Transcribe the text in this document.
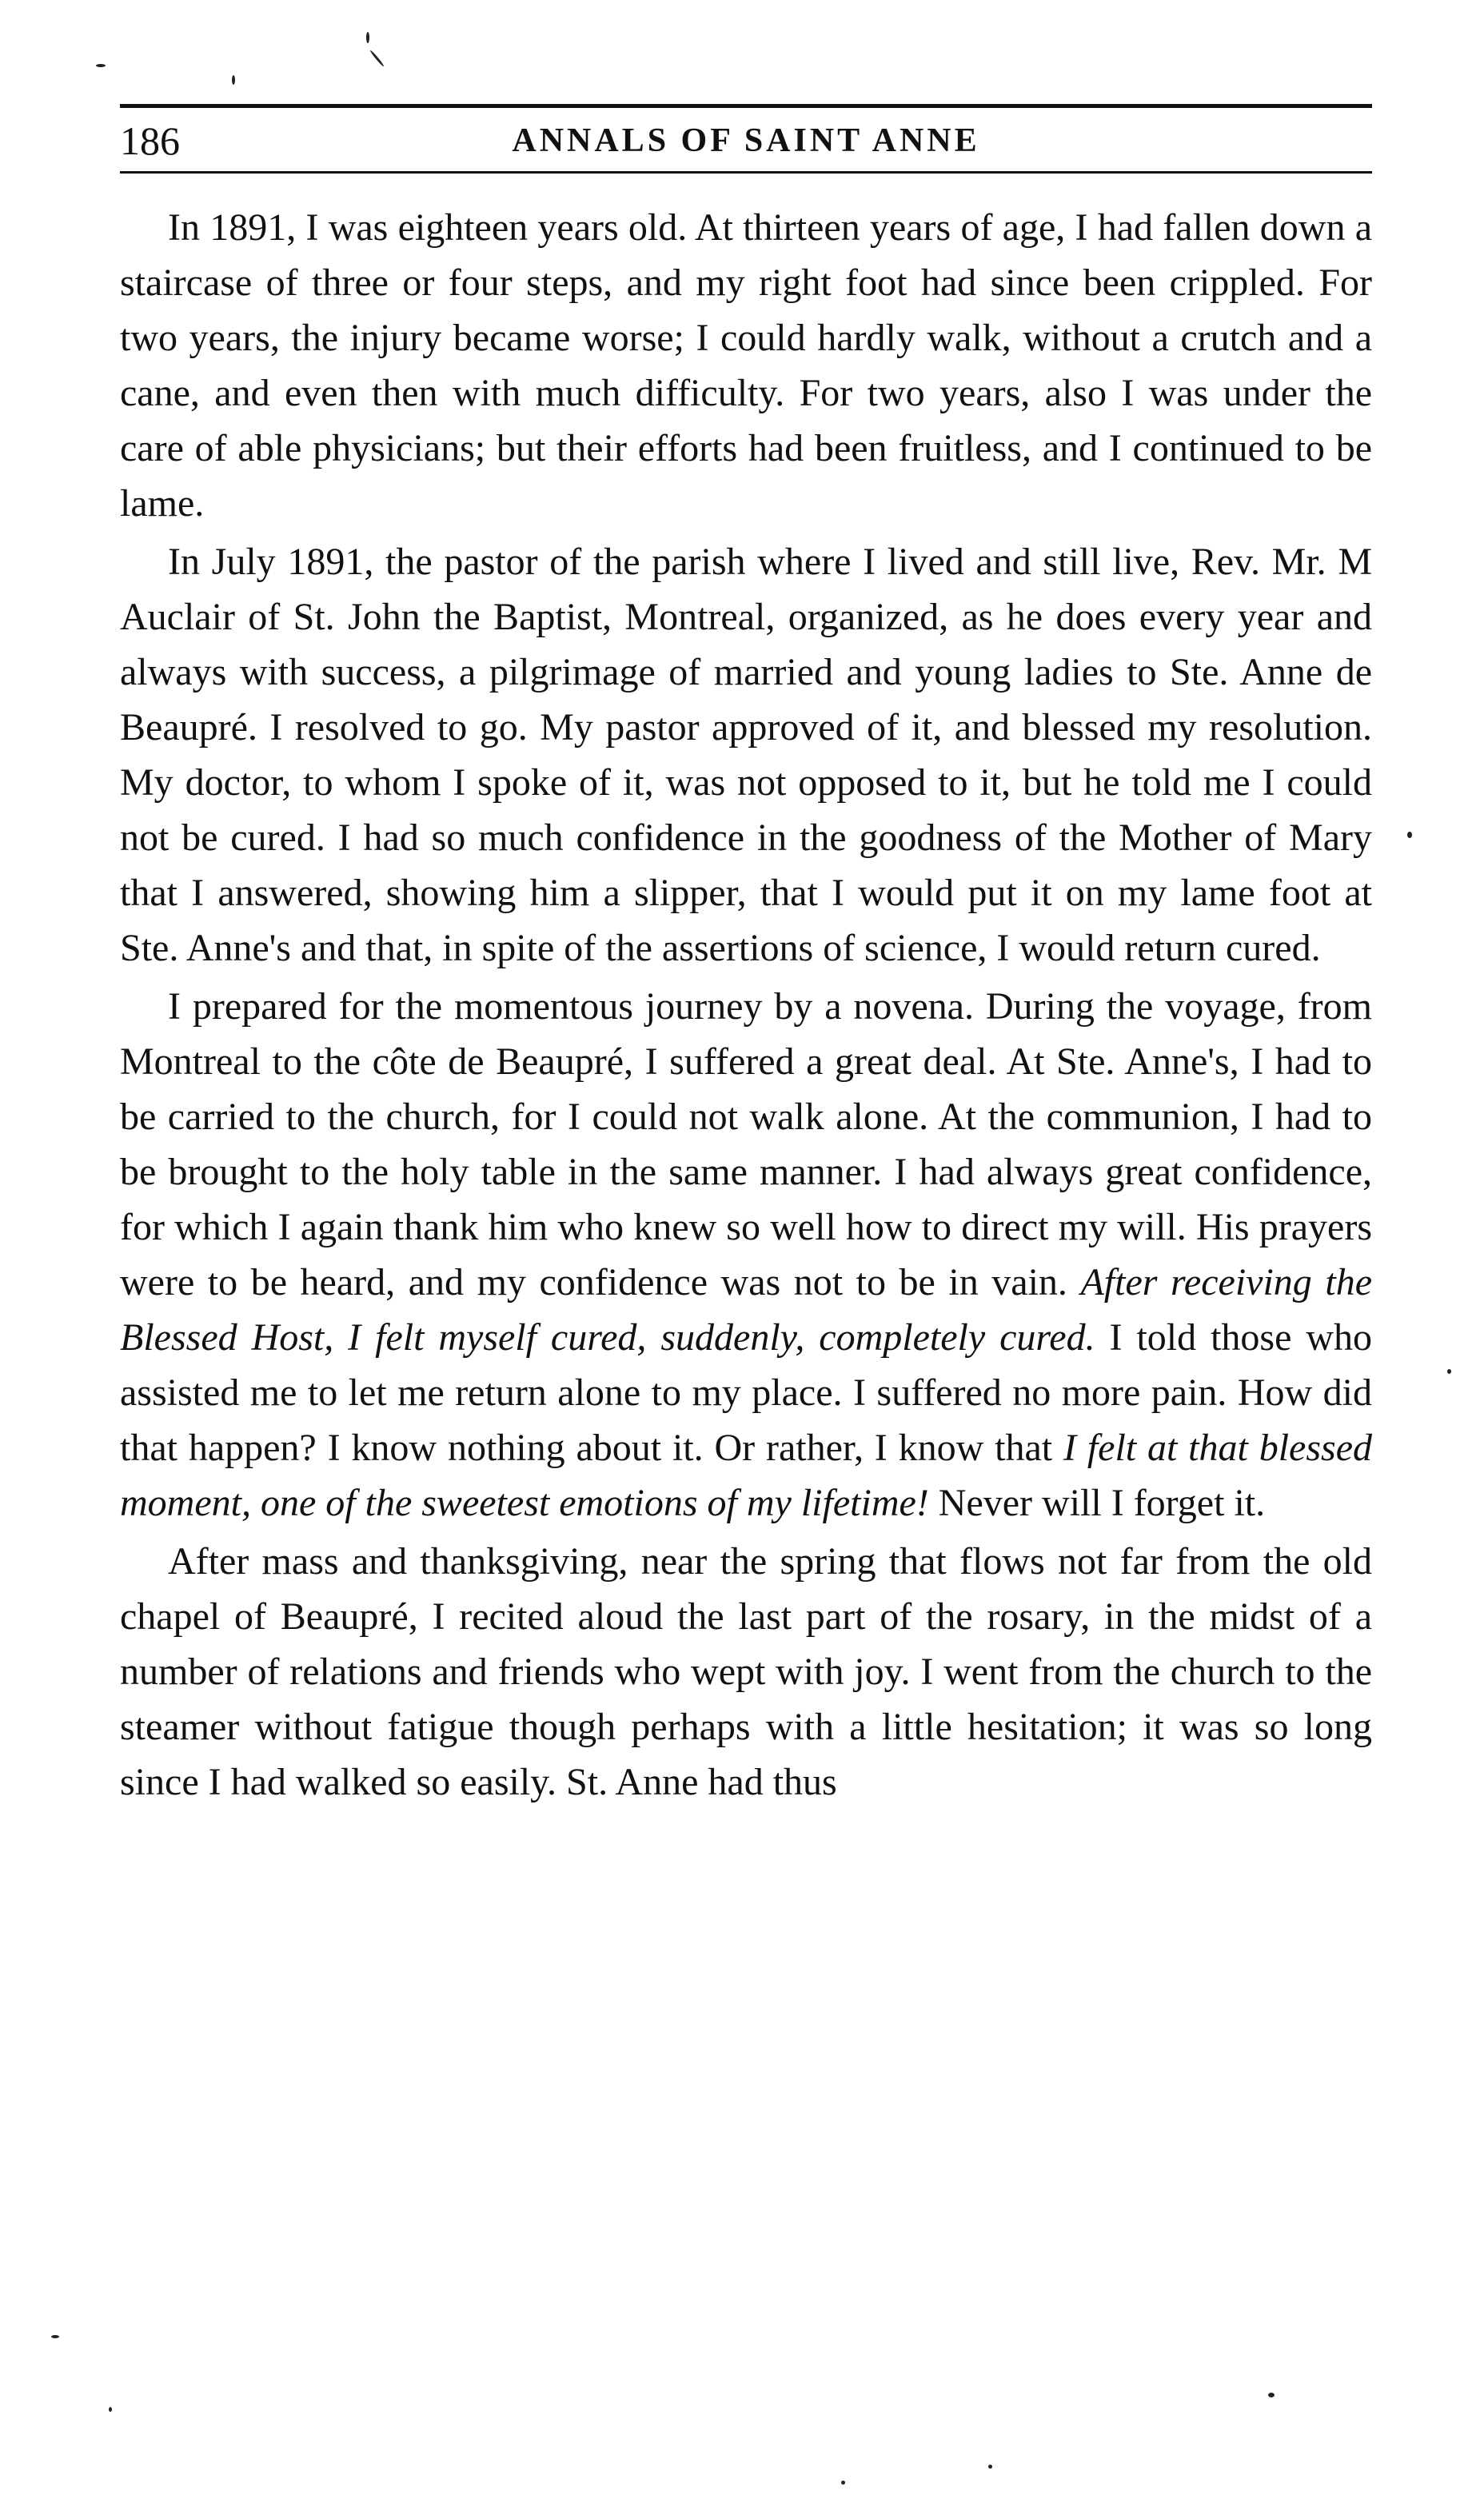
186	ANNALS OF SAINT ANNE

In 1891, I was eighteen years old. At thirteen years of age, I had fallen down a staircase of three or four steps, and my right foot had since been crippled. For two years, the injury became worse; I could hardly walk, without a crutch and a cane, and even then with much difficulty. For two years, also I was under the care of able physicians; but their efforts had been fruitless, and I continued to be lame.

In July 1891, the pastor of the parish where I lived and still live, Rev. Mr. M Auclair of St. John the Baptist, Montreal, organized, as he does every year and always with success, a pilgrimage of married and young ladies to Ste. Anne de Beaupré. I resolved to go. My pastor approved of it, and blessed my resolution. My doctor, to whom I spoke of it, was not opposed to it, but he told me I could not be cured. I had so much confidence in the goodness of the Mother of Mary that I answered, showing him a slipper, that I would put it on my lame foot at Ste. Anne's and that, in spite of the assertions of science, I would return cured.

I prepared for the momentous journey by a novena. During the voyage, from Montreal to the côte de Beaupré, I suffered a great deal. At Ste. Anne's, I had to be carried to the church, for I could not walk alone. At the communion, I had to be brought to the holy table in the same manner. I had always great confidence, for which I again thank him who knew so well how to direct my will. His prayers were to be heard, and my confidence was not to be in vain. After receiving the Blessed Host, I felt myself cured, suddenly, completely cured. I told those who assisted me to let me return alone to my place. I suffered no more pain. How did that happen? I know nothing about it. Or rather, I know that I felt at that blessed moment, one of the sweetest emotions of my lifetime! Never will I forget it.

After mass and thanksgiving, near the spring that flows not far from the old chapel of Beaupré, I recited aloud the last part of the rosary, in the midst of a number of relations and friends who wept with joy. I went from the church to the steamer without fatigue though perhaps with a little hesitation; it was so long since I had walked so easily. St. Anne had thus
